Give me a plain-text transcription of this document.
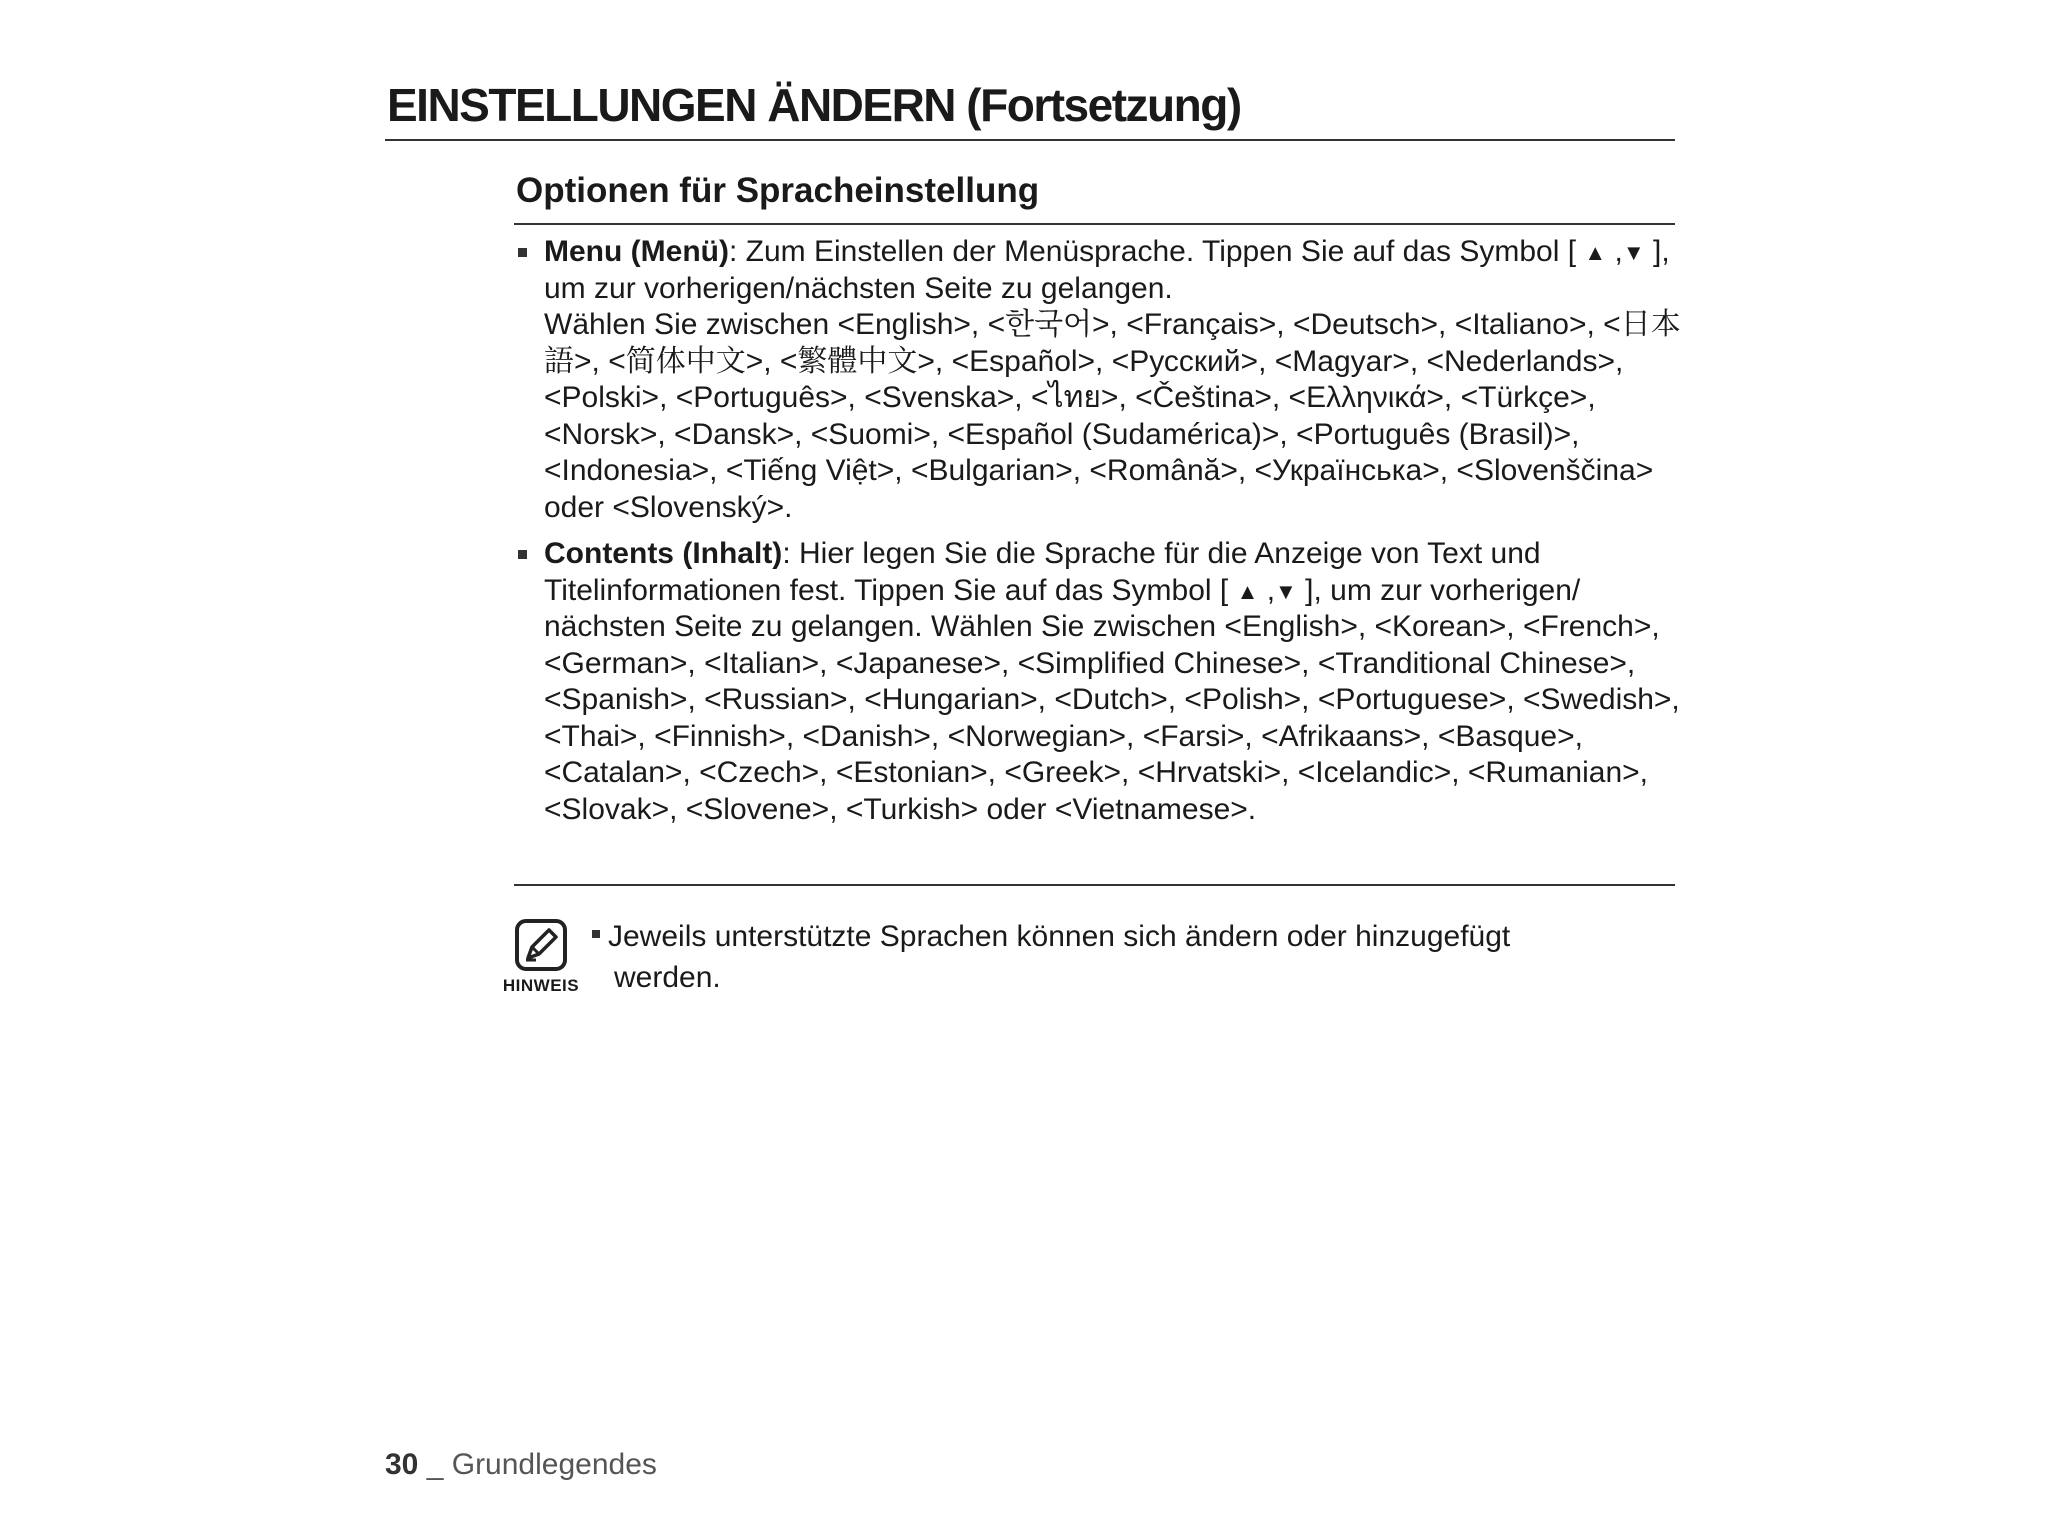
EINSTELLUNGEN ÄNDERN (Fortsetzung)
Optionen für Spracheinstellung
Menu (Menü): Zum Einstellen der Menüsprache. Tippen Sie auf das Symbol [ ▲ ,▼ ], um zur vorherigen/nächsten Seite zu gelangen.
Wählen Sie zwischen <English>, <한국어>, <Français>, <Deutsch>, <Italiano>, <日本語>, <简体中文>, <繁體中文>, <Español>, <Русский>, <Magyar>, <Nederlands>, <Polski>, <Português>, <Svenska>, <ไทย>, <Čeština>, <Ελληνικά>, <Türkçe>, <Norsk>, <Dansk>, <Suomi>, <Español (Sudamérica)>, <Português (Brasil)>, <Indonesia>, <Tiếng Việt>, <Bulgarian>, <Română>, <Українська>, <Slovenščina> oder <Slovenský>.
Contents (Inhalt): Hier legen Sie die Sprache für die Anzeige von Text und Titelinformationen fest. Tippen Sie auf das Symbol [ ▲ ,▼ ], um zur vorherigen/ nächsten Seite zu gelangen. Wählen Sie zwischen <English>, <Korean>, <French>, <German>, <Italian>, <Japanese>, <Simplified Chinese>, <Tranditional Chinese>, <Spanish>, <Russian>, <Hungarian>, <Dutch>, <Polish>, <Portuguese>, <Swedish>, <Thai>, <Finnish>, <Danish>, <Norwegian>, <Farsi>, <Afrikaans>, <Basque>, <Catalan>, <Czech>, <Estonian>, <Greek>, <Hrvatski>, <Icelandic>, <Rumanian>, <Slovak>, <Slovene>, <Turkish> oder <Vietnamese>.
HINWEIS
Jeweils unterstützte Sprachen können sich ändern oder hinzugefügt
werden.
30 _ Grundlegendes
